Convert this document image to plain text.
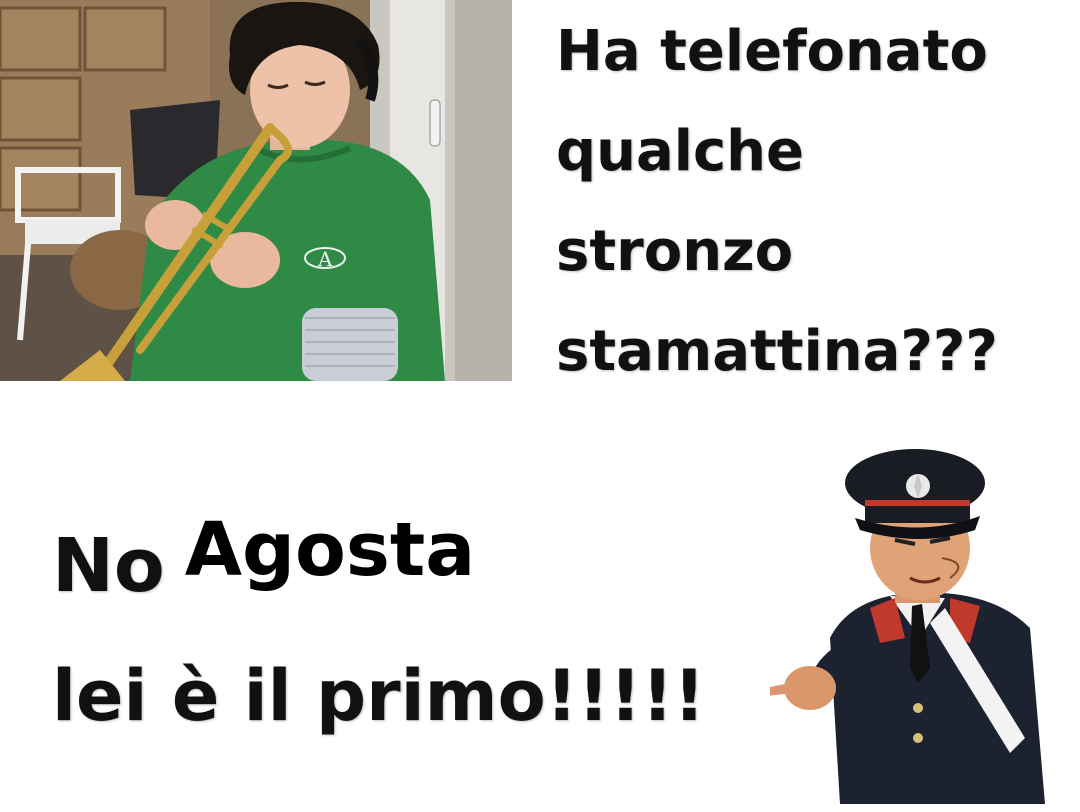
A
Ha telefonato
qualche
stronzo
stamattina???
No Agosta
lei è il primo!!!!!
